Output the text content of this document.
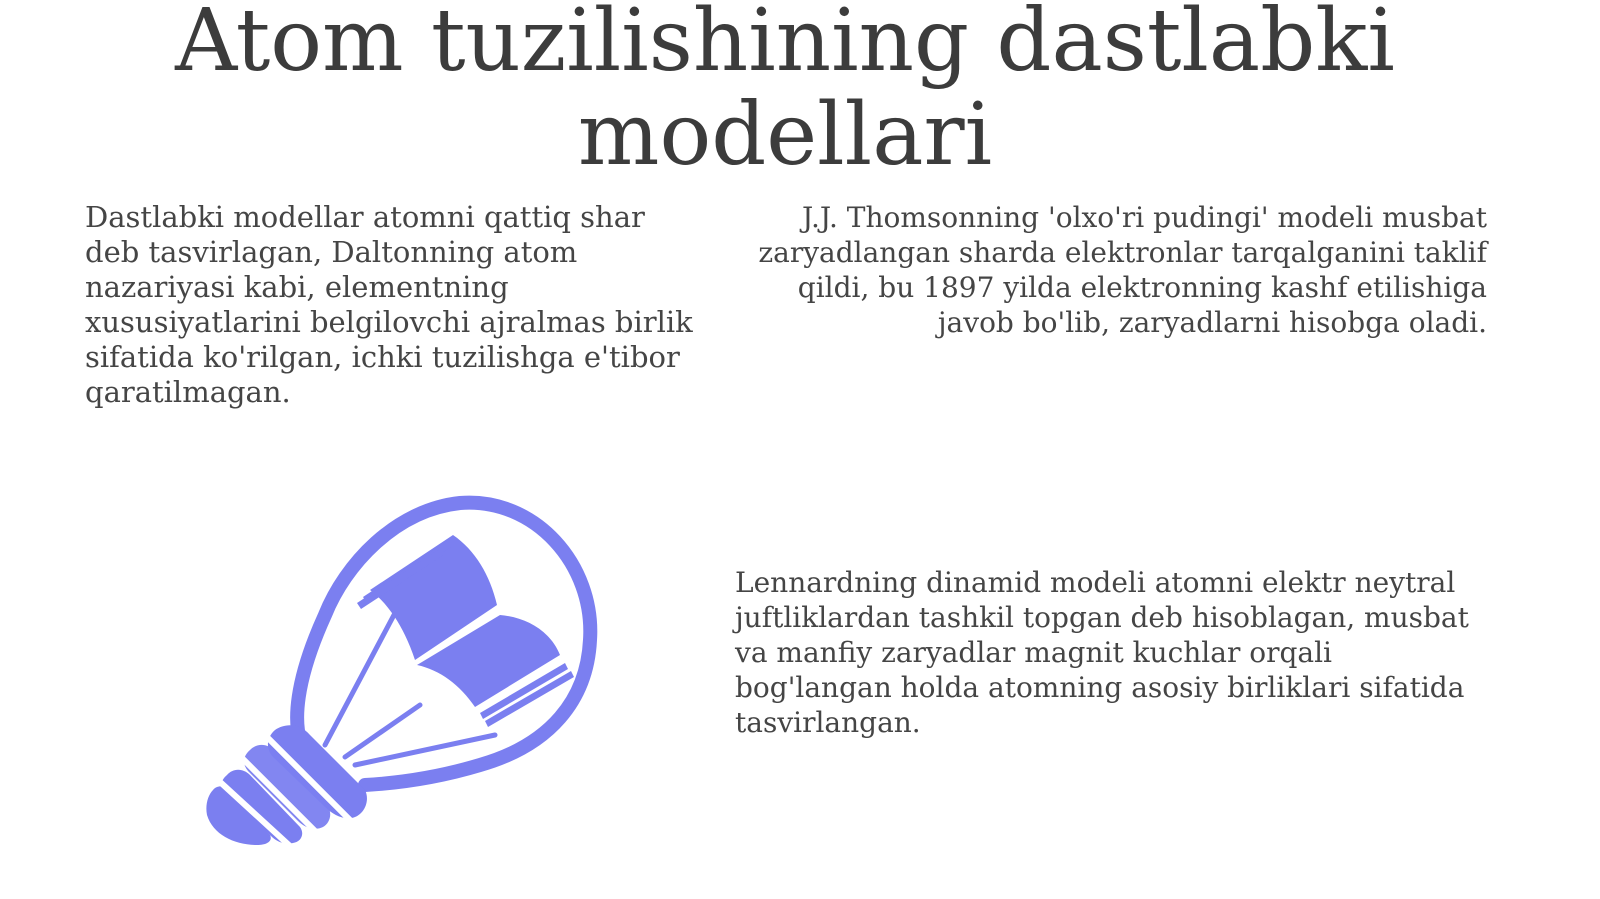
Atom tuzilishining dastlabki modellari

Dastlabki modellar atomni qattiq shar deb tasvirlagan, Daltonning atom nazariyasi kabi, elementning xususiyatlarini belgilovchi ajralmas birlik sifatida ko'rilgan, ichki tuzilishga e'tibor qaratilmagan.

J.J. Thomsonning 'olxo'ri pudingi' modeli musbat zaryadlangan sharda elektronlar tarqalganini taklif qildi, bu 1897 yilda elektronning kashf etilishiga javob bo'lib, zaryadlarni hisobga oladi.

Lennardning dinamid modeli atomni elektr neytral juftliklardan tashkil topgan deb hisoblagan, musbat va manfiy zaryadlar magnit kuchlar orqali bog'langan holda atomning asosiy birliklari sifatida tasvirlangan.
